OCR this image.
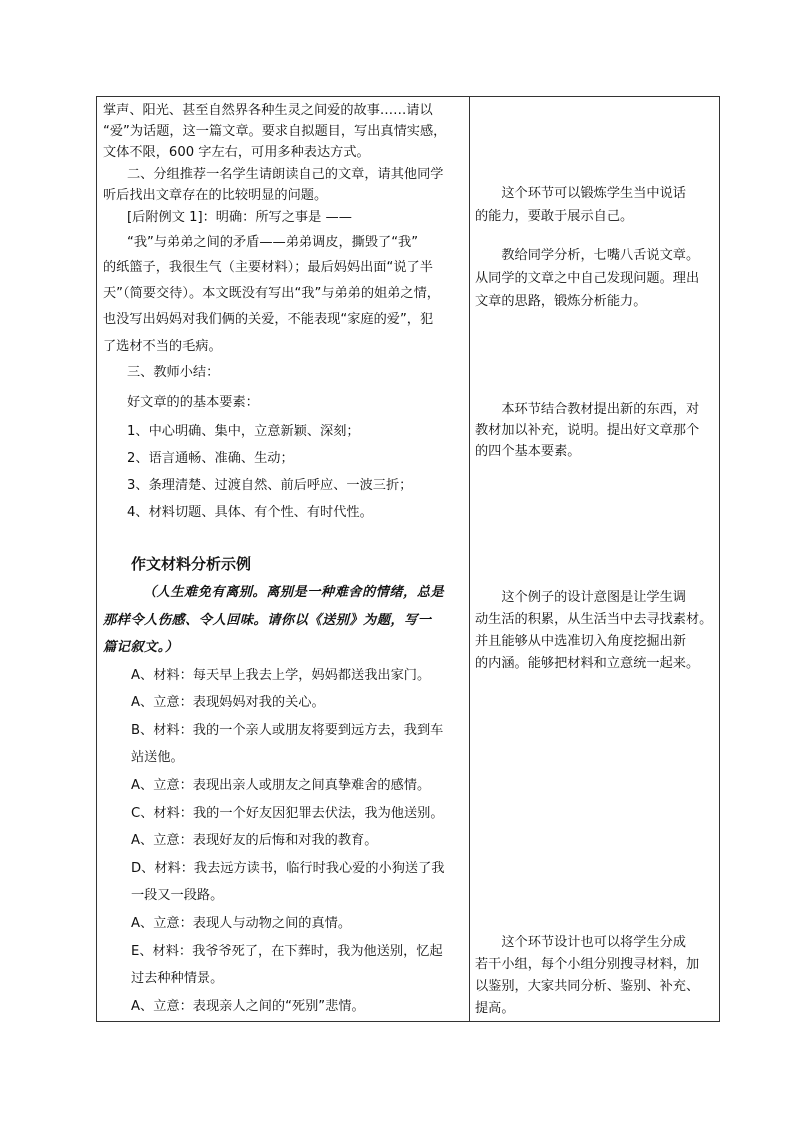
掌声、阳光、甚至自然界各种生灵之间爱的故事……请以
“爱”为话题，这一篇文章。要求自拟题目，写出真情实感，
文体不限，600 字左右，可用多种表达方式。
二、分组推荐一名学生请朗读自己的文章，请其他同学
听后找出文章存在的比较明显的问题。
[后附例文 1]：明确：所写之事是 ——
“我”与弟弟之间的矛盾——弟弟调皮，撕毁了“我”
的纸篮子，我很生气（主要材料）；最后妈妈出面“说了半
天”（简要交待）。本文既没有写出“我”与弟弟的姐弟之情，
也没写出妈妈对我们俩的关爱，不能表现“家庭的爱”，犯
了选材不当的毛病。
三、教师小结：
好文章的的基本要素：
1、中心明确、集中，立意新颖、深刻；
2、语言通畅、准确、生动；
3、条理清楚、过渡自然、前后呼应、一波三折；
4、材料切题、具体、有个性、有时代性。
作文材料分析示例
（人生难免有离别。离别是一种难舍的情绪，总是
那样令人伤感、令人回味。请你以《送别》为题，写一
篇记叙文。）
A、材料：每天早上我去上学，妈妈都送我出家门。
A、立意：表现妈妈对我的关心。
B、材料：我的一个亲人或朋友将要到远方去，我到车
站送他。
A、立意：表现出亲人或朋友之间真挚难舍的感情。
C、材料：我的一个好友因犯罪去伏法，我为他送别。
A、立意：表现好友的后悔和对我的教育。
D、材料：我去远方读书，临行时我心爱的小狗送了我
一段又一段路。
A、立意：表现人与动物之间的真情。
E、材料：我爷爷死了，在下葬时，我为他送别，忆起
过去种种情景。
A、立意：表现亲人之间的“死别”悲情。
　　这个环节可以锻炼学生当中说话
的能力，要敢于展示自己。
　　教给同学分析，七嘴八舌说文章。
从同学的文章之中自己发现问题。理出
文章的思路，锻炼分析能力。
　　本环节结合教材提出新的东西，对
教材加以补充，说明。提出好文章那个
的四个基本要素。
　　这个例子的设计意图是让学生调
动生活的积累，从生活当中去寻找素材。
并且能够从中选准切入角度挖掘出新
的内涵。能够把材料和立意统一起来。
　　这个环节设计也可以将学生分成
若干小组，每个小组分别搜寻材料，加
以鉴别，大家共同分析、鉴别、补充、
提高。
